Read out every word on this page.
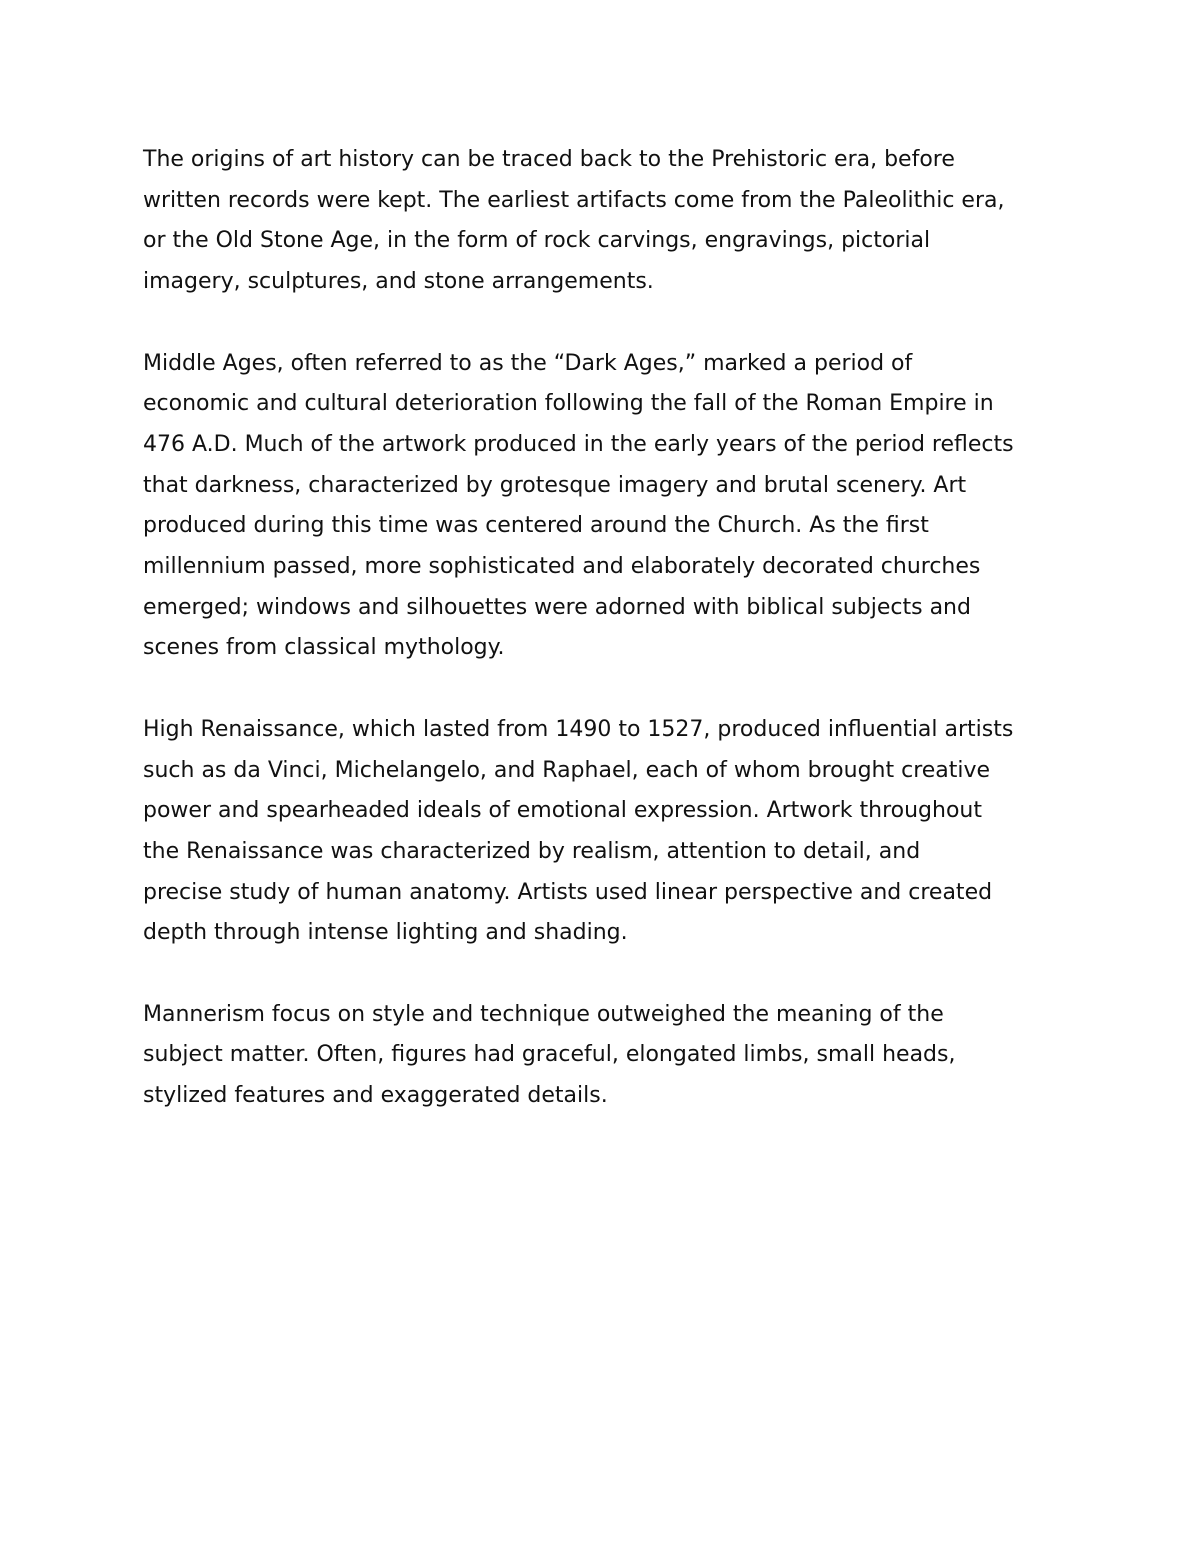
The origins of art history can be traced back to the Prehistoric era, before
written records were kept. The earliest artifacts come from the Paleolithic era,
or the Old Stone Age, in the form of rock carvings, engravings, pictorial
imagery, sculptures, and stone arrangements.

Middle Ages, often referred to as the “Dark Ages,” marked a period of
economic and cultural deterioration following the fall of the Roman Empire in
476 A.D. Much of the artwork produced in the early years of the period reflects
that darkness, characterized by grotesque imagery and brutal scenery. Art
produced during this time was centered around the Church. As the first
millennium passed, more sophisticated and elaborately decorated churches
emerged; windows and silhouettes were adorned with biblical subjects and
scenes from classical mythology.

High Renaissance, which lasted from 1490 to 1527, produced influential artists
such as da Vinci, Michelangelo, and Raphael, each of whom brought creative
power and spearheaded ideals of emotional expression. Artwork throughout
the Renaissance was characterized by realism, attention to detail, and
precise study of human anatomy. Artists used linear perspective and created
depth through intense lighting and shading.

Mannerism focus on style and technique outweighed the meaning of the
subject matter. Often, figures had graceful, elongated limbs, small heads,
stylized features and exaggerated details.
